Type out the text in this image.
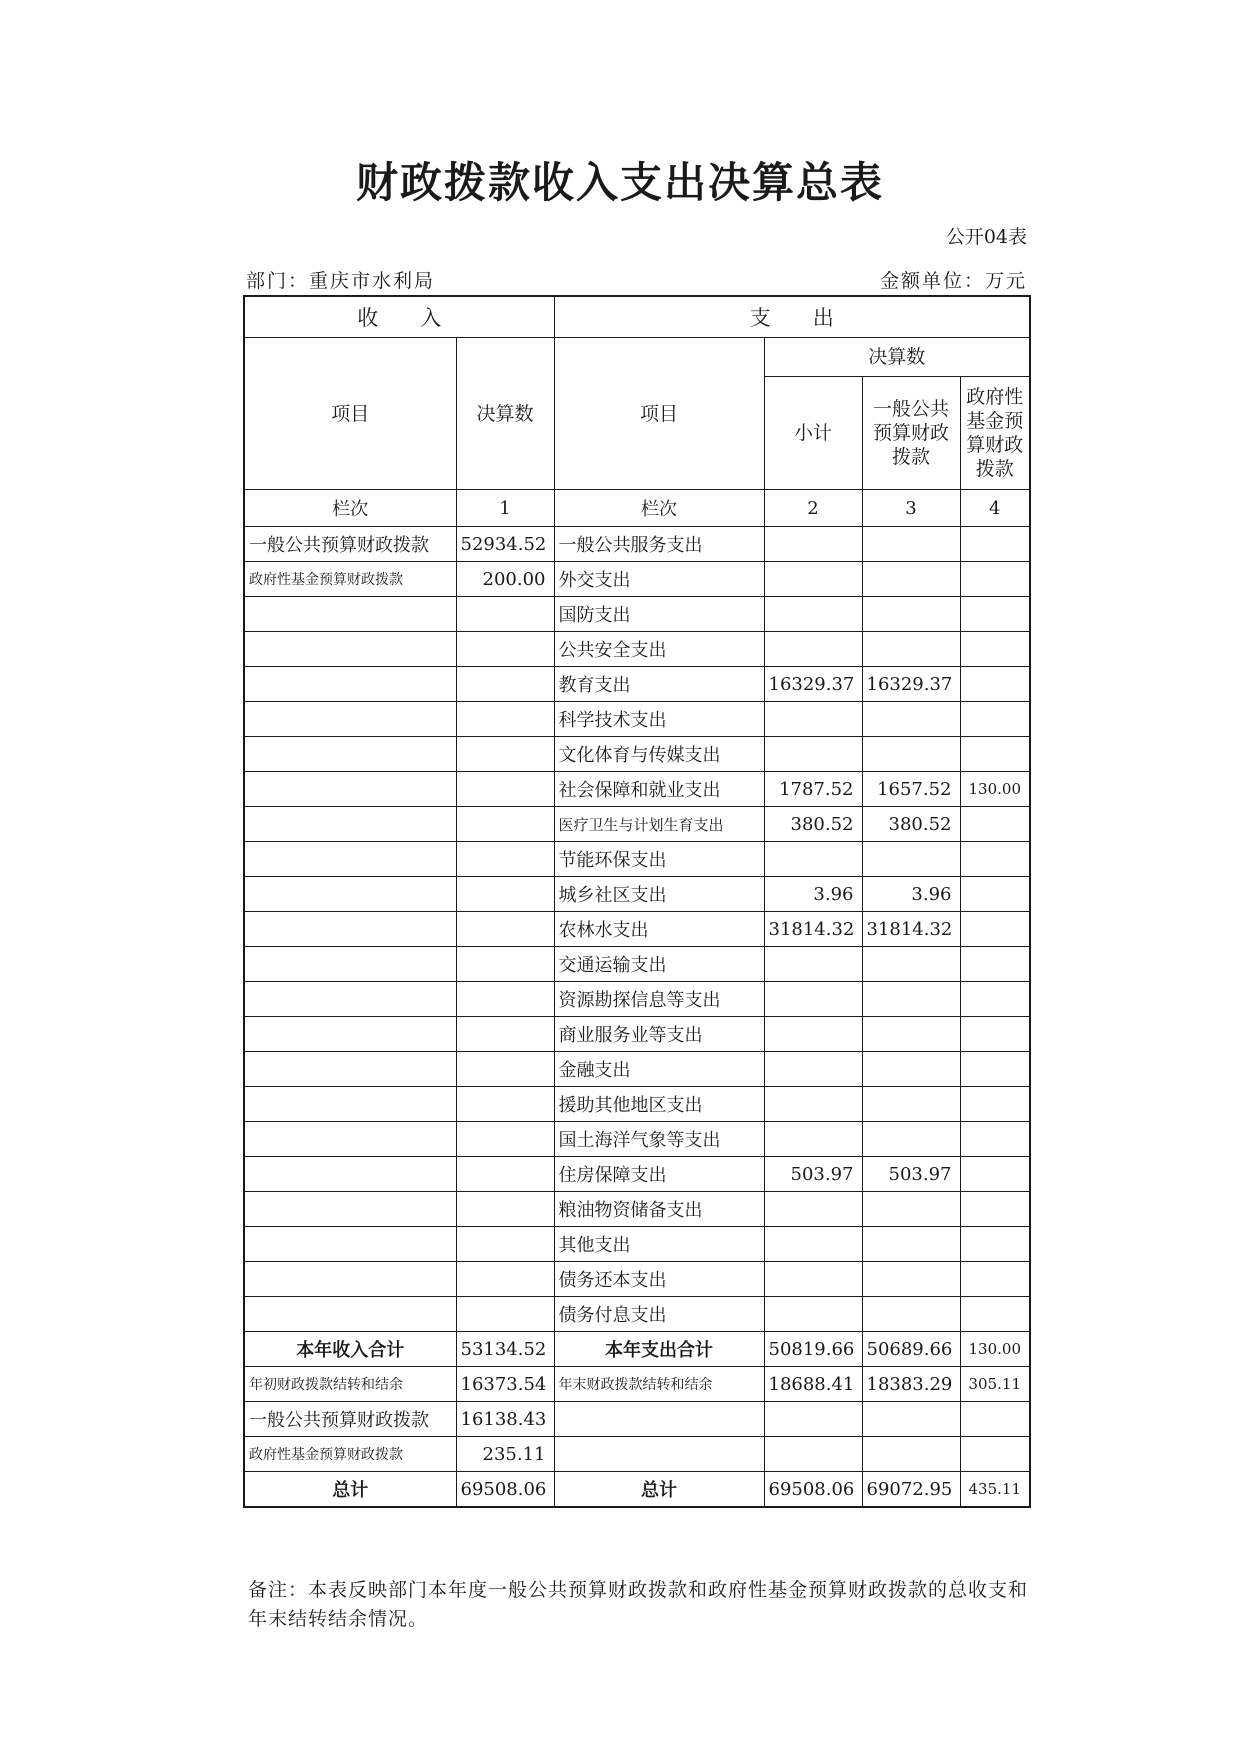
财政拨款收入支出决算总表
公开04表
部门：重庆市水利局	金额单位：万元
收　　入		支　　出			
项目	决算数	项目	决算数		
			小计	一般公共预算财政拨款	政府性基金预算财政拨款
栏次	1	栏次	2	3	4
一般公共预算财政拨款	52934.52	一般公共服务支出			
政府性基金预算财政拨款	200.00	外交支出			
		国防支出			
		公共安全支出			
		教育支出	16329.37	16329.37	
		科学技术支出			
		文化体育与传媒支出			
		社会保障和就业支出	1787.52	1657.52	130.00
		医疗卫生与计划生育支出	380.52	380.52	
		节能环保支出			
		城乡社区支出	3.96	3.96	
		农林水支出	31814.32	31814.32	
		交通运输支出			
		资源勘探信息等支出			
		商业服务业等支出			
		金融支出			
		援助其他地区支出			
		国土海洋气象等支出			
		住房保障支出	503.97	503.97	
		粮油物资储备支出			
		其他支出			
		债务还本支出			
		债务付息支出			
本年收入合计	53134.52	本年支出合计	50819.66	50689.66	130.00
年初财政拨款结转和结余	16373.54	年末财政拨款结转和结余	18688.41	18383.29	305.11
一般公共预算财政拨款	16138.43				
政府性基金预算财政拨款	235.11				
总计	69508.06	总计	69508.06	69072.95	435.11
备注：本表反映部门本年度一般公共预算财政拨款和政府性基金预算财政拨款的总收支和年末结转结余情况。
